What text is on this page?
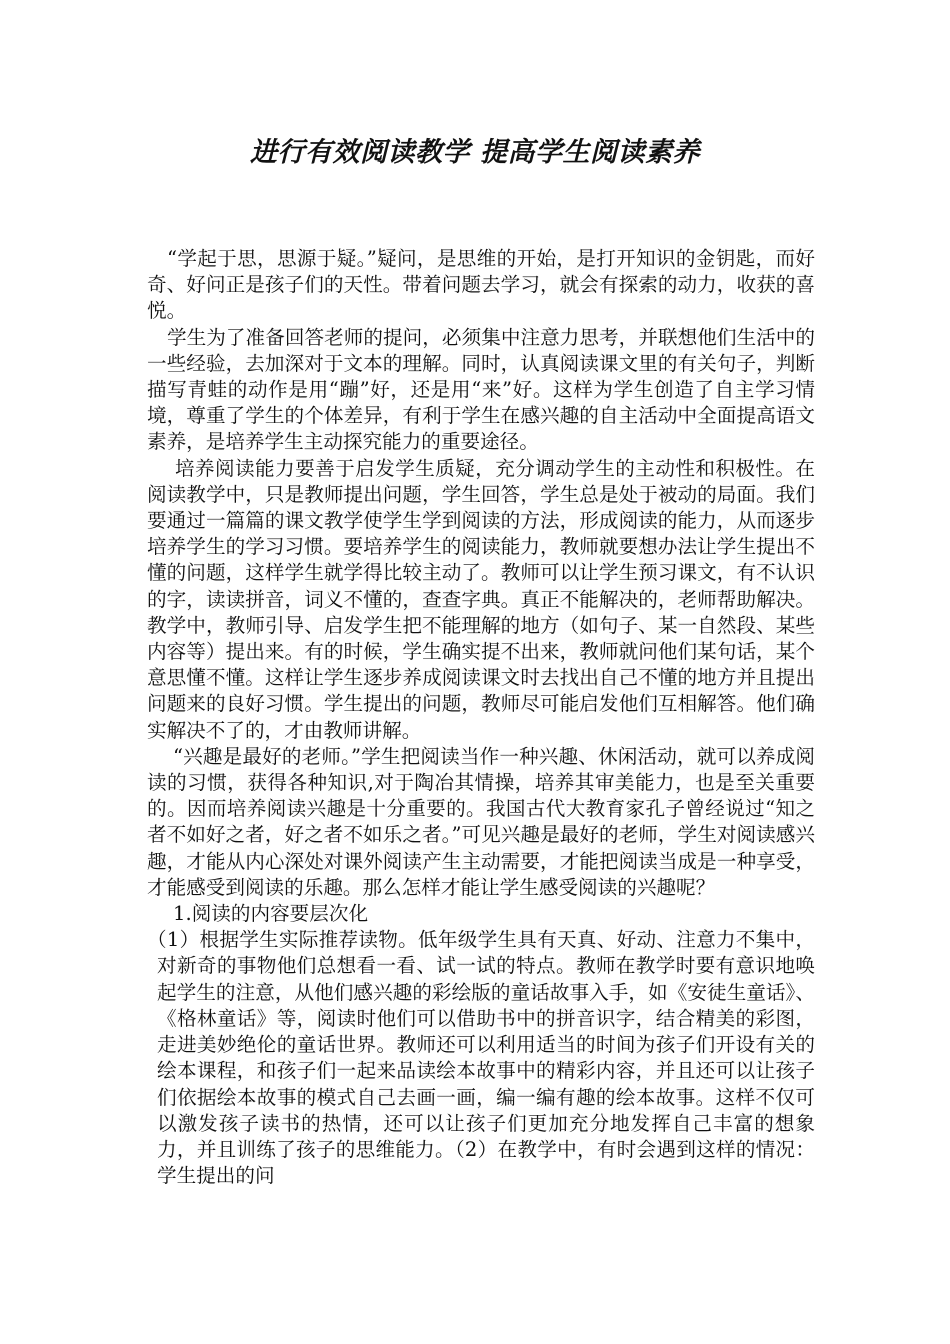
进行有效阅读教学 提高学生阅读素养

“学起于思，思源于疑。”疑问，是思维的开始，是打开知识的金钥匙，而好奇、好问正是孩子们的天性。带着问题去学习，就会有探索的动力，收获的喜悦。

学生为了准备回答老师的提问，必须集中注意力思考，并联想他们生活中的一些经验，去加深对于文本的理解。同时，认真阅读课文里的有关句子，判断描写青蛙的动作是用“蹦”好，还是用“来”好。这样为学生创造了自主学习情境，尊重了学生的个体差异，有利于学生在感兴趣的自主活动中全面提高语文素养，是培养学生主动探究能力的重要途径。

培养阅读能力要善于启发学生质疑，充分调动学生的主动性和积极性。在阅读教学中，只是教师提出问题，学生回答，学生总是处于被动的局面。我们要通过一篇篇的课文教学使学生学到阅读的方法，形成阅读的能力，从而逐步培养学生的学习习惯。要培养学生的阅读能力，教师就要想办法让学生提出不懂的问题，这样学生就学得比较主动了。教师可以让学生预习课文，有不认识的字，读读拼音，词义不懂的，查查字典。真正不能解决的，老师帮助解决。教学中，教师引导、启发学生把不能理解的地方（如句子、某一自然段、某些内容等）提出来。有的时候，学生确实提不出来，教师就问他们某句话，某个意思懂不懂。这样让学生逐步养成阅读课文时去找出自己不懂的地方并且提出问题来的良好习惯。学生提出的问题，教师尽可能启发他们互相解答。他们确实解决不了的，才由教师讲解。

“兴趣是最好的老师。”学生把阅读当作一种兴趣、休闲活动，就可以养成阅读的习惯，获得各种知识,对于陶冶其情操，培养其审美能力，也是至关重要的。因而培养阅读兴趣是十分重要的。我国古代大教育家孔子曾经说过“知之者不如好之者，好之者不如乐之者。”可见兴趣是最好的老师，学生对阅读感兴趣，才能从内心深处对课外阅读产生主动需要，才能把阅读当成是一种享受，才能感受到阅读的乐趣。那么怎样才能让学生感受阅读的兴趣呢？

1.阅读的内容要层次化

（1）根据学生实际推荐读物。低年级学生具有天真、好动、注意力不集中，对新奇的事物他们总想看一看、试一试的特点。教师在教学时要有意识地唤起学生的注意，从他们感兴趣的彩绘版的童话故事入手，如《安徒生童话》、《格林童话》等，阅读时他们可以借助书中的拼音识字，结合精美的彩图，走进美妙绝伦的童话世界。教师还可以利用适当的时间为孩子们开设有关的绘本课程，和孩子们一起来品读绘本故事中的精彩内容，并且还可以让孩子们依据绘本故事的模式自己去画一画，编一编有趣的绘本故事。这样不仅可以激发孩子读书的热情，还可以让孩子们更加充分地发挥自己丰富的想象力，并且训练了孩子的思维能力。（2）在教学中，有时会遇到这样的情况：学生提出的问
